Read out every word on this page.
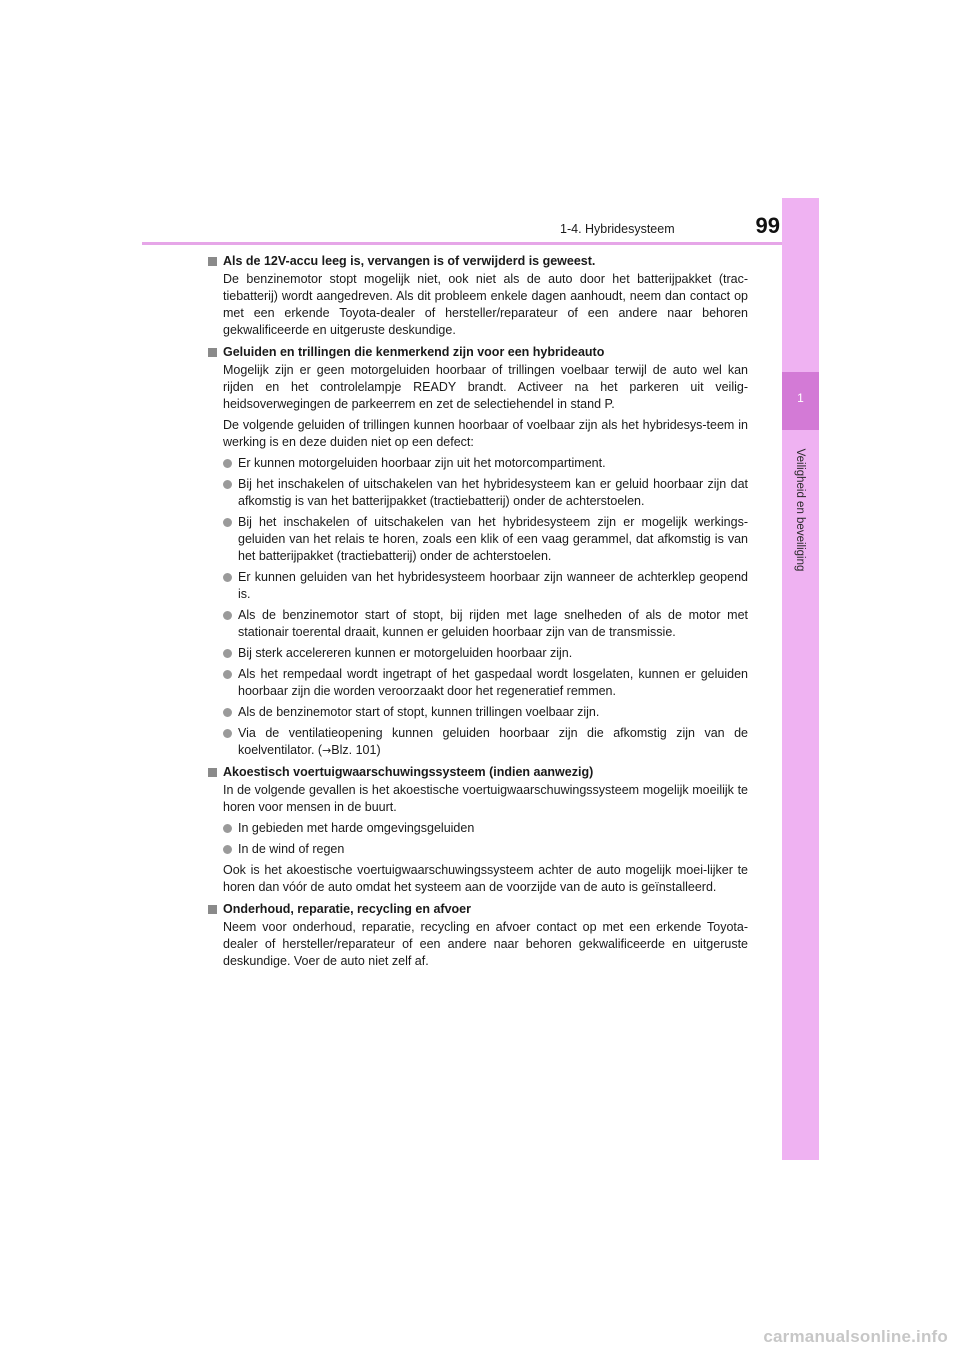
1-4. Hybridesysteem	99
1
Veiligheid en beveiliging
Als de 12V-accu leeg is, vervangen is of verwijderd is geweest.
De benzinemotor stopt mogelijk niet, ook niet als de auto door het batterijpakket (trac-tiebatterij) wordt aangedreven. Als dit probleem enkele dagen aanhoudt, neem dan contact op met een erkende Toyota-dealer of hersteller/reparateur of een andere naar behoren gekwalificeerde en uitgeruste deskundige.
Geluiden en trillingen die kenmerkend zijn voor een hybrideauto
Mogelijk zijn er geen motorgeluiden hoorbaar of trillingen voelbaar terwijl de auto wel kan rijden en het controlelampje READY brandt. Activeer na het parkeren uit veilig-heidsoverwegingen de parkeerrem en zet de selectiehendel in stand P.
De volgende geluiden of trillingen kunnen hoorbaar of voelbaar zijn als het hybridesys-teem in werking is en deze duiden niet op een defect:
Er kunnen motorgeluiden hoorbaar zijn uit het motorcompartiment.
Bij het inschakelen of uitschakelen van het hybridesysteem kan er geluid hoorbaar zijn dat afkomstig is van het batterijpakket (tractiebatterij) onder de achterstoelen.
Bij het inschakelen of uitschakelen van het hybridesysteem zijn er mogelijk werkings-geluiden van het relais te horen, zoals een klik of een vaag gerammel, dat afkomstig is van het batterijpakket (tractiebatterij) onder de achterstoelen.
Er kunnen geluiden van het hybridesysteem hoorbaar zijn wanneer de achterklep geopend is.
Als de benzinemotor start of stopt, bij rijden met lage snelheden of als de motor met stationair toerental draait, kunnen er geluiden hoorbaar zijn van de transmissie.
Bij sterk accelereren kunnen er motorgeluiden hoorbaar zijn.
Als het rempedaal wordt ingetrapt of het gaspedaal wordt losgelaten, kunnen er geluiden hoorbaar zijn die worden veroorzaakt door het regeneratief remmen.
Als de benzinemotor start of stopt, kunnen trillingen voelbaar zijn.
Via de ventilatieopening kunnen geluiden hoorbaar zijn die afkomstig zijn van de koelventilator. (→Blz. 101)
Akoestisch voertuigwaarschuwingssysteem (indien aanwezig)
In de volgende gevallen is het akoestische voertuigwaarschuwingssysteem mogelijk moeilijk te horen voor mensen in de buurt.
In gebieden met harde omgevingsgeluiden
In de wind of regen
Ook is het akoestische voertuigwaarschuwingssysteem achter de auto mogelijk moei-lijker te horen dan vóór de auto omdat het systeem aan de voorzijde van de auto is geïnstalleerd.
Onderhoud, reparatie, recycling en afvoer
Neem voor onderhoud, reparatie, recycling en afvoer contact op met een erkende Toyota-dealer of hersteller/reparateur of een andere naar behoren gekwalificeerde en uitgeruste deskundige. Voer de auto niet zelf af.
carmanualsonline.info
